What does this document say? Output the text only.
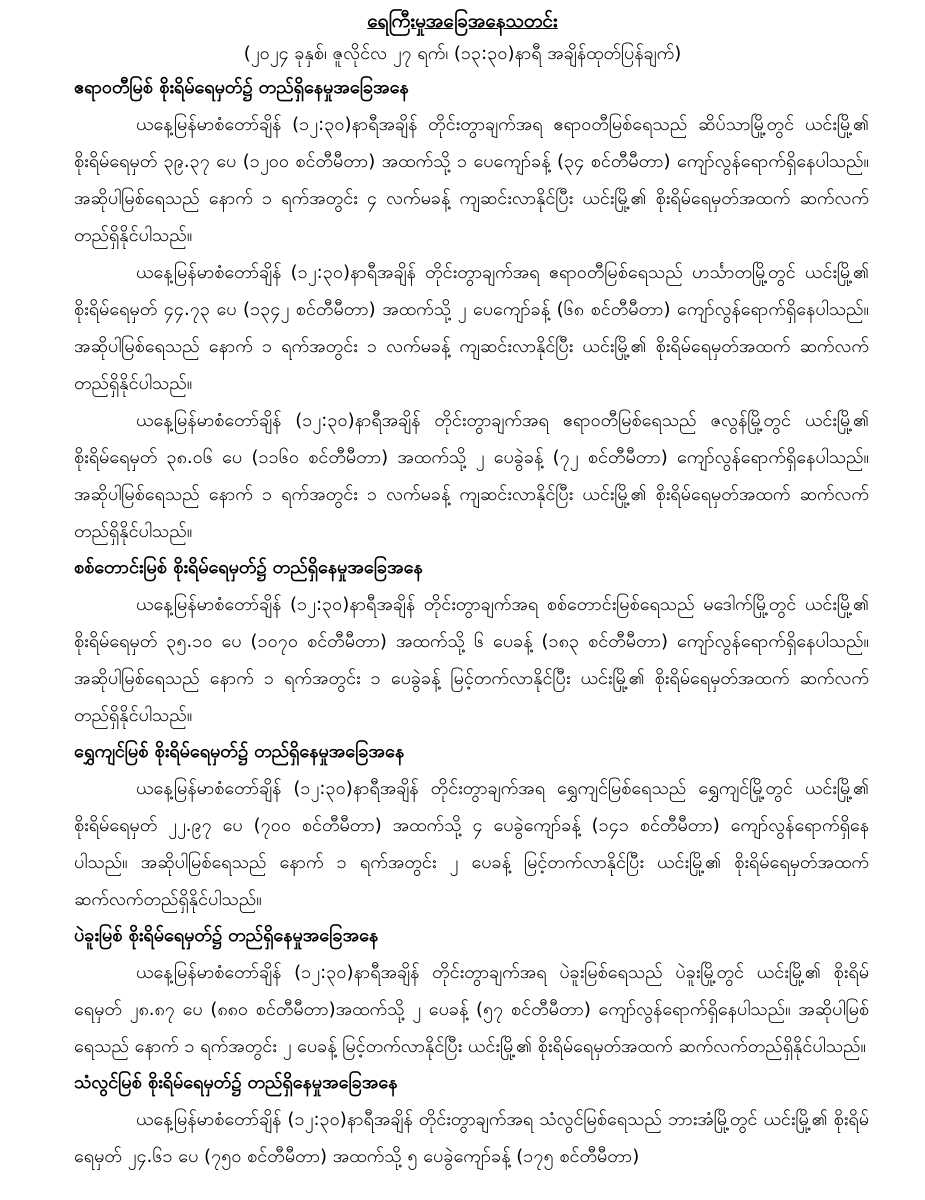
ရေကြီးမှုအခြေအနေသတင်း

(၂၀၂၄ ခုနှစ်၊ ဇူလိုင်လ ၂၇ ရက်၊ (၁၃:၃၀)နာရီ အချိန်ထုတ်ပြန်ချက်)

ဧရာဝတီမြစ် စိုးရိမ်ရေမှတ်၌ တည်ရှိနေမှုအခြေအနေ

ယနေ့မြန်မာစံတော်ချိန် (၁၂:၃၀)နာရီအချိန် တိုင်းတွာချက်အရ ဧရာဝတီမြစ်ရေသည် ဆိပ်သာမြို့တွင် ယင်းမြို့၏ စိုးရိမ်ရေမှတ် ၃၉.၃၇ ပေ (၁၂၀၀ စင်တီမီတာ) အထက်သို့ ၁ ပေကျော်ခန့် (၃၄ စင်တီမီတာ) ကျော်လွန်ရောက်ရှိနေပါသည်။ အဆိုပါမြစ်ရေသည် နောက် ၁ ရက်အတွင်း ၄ လက်မခန့် ကျဆင်းလာနိုင်ပြီး ယင်းမြို့၏ စိုးရိမ်ရေမှတ်အထက် ဆက်လက်တည်ရှိနိုင်ပါသည်။

ယနေ့မြန်မာစံတော်ချိန် (၁၂:၃၀)နာရီအချိန် တိုင်းတွာချက်အရ ဧရာဝတီမြစ်ရေသည် ဟင်္သာတမြို့တွင် ယင်းမြို့၏ စိုးရိမ်ရေမှတ် ၄၄.၇၃ ပေ (၁၃၄၂ စင်တီမီတာ) အထက်သို့ ၂ ပေကျော်ခန့် (၆၈ စင်တီမီတာ) ကျော်လွန်ရောက်ရှိနေပါသည်။ အဆိုပါမြစ်ရေသည် နောက် ၁ ရက်အတွင်း ၁ လက်မခန့် ကျဆင်းလာနိုင်ပြီး ယင်းမြို့၏ စိုးရိမ်ရေမှတ်အထက် ဆက်လက်တည်ရှိနိုင်ပါသည်။

ယနေ့မြန်မာစံတော်ချိန် (၁၂:၃၀)နာရီအချိန် တိုင်းတွာချက်အရ ဧရာဝတီမြစ်ရေသည် ဇလွန်မြို့တွင် ယင်းမြို့၏ စိုးရိမ်ရေမှတ် ၃၈.၀၆ ပေ (၁၁၆၀ စင်တီမီတာ) အထက်သို့ ၂ ပေခွဲခန့် (၇၂ စင်တီမီတာ) ကျော်လွန်ရောက်ရှိနေပါသည်။ အဆိုပါမြစ်ရေသည် နောက် ၁ ရက်အတွင်း ၁ လက်မခန့် ကျဆင်းလာနိုင်ပြီး ယင်းမြို့၏ စိုးရိမ်ရေမှတ်အထက် ဆက်လက်တည်ရှိနိုင်ပါသည်။

စစ်တောင်းမြစ် စိုးရိမ်ရေမှတ်၌ တည်ရှိနေမှုအခြေအနေ

ယနေ့မြန်မာစံတော်ချိန် (၁၂:၃၀)နာရီအချိန် တိုင်းတွာချက်အရ စစ်တောင်းမြစ်ရေသည် မဒေါက်မြို့တွင် ယင်းမြို့၏ စိုးရိမ်ရေမှတ် ၃၅.၁၀ ပေ (၁၀၇၀ စင်တီမီတာ) အထက်သို့ ၆ ပေခန့် (၁၈၃ စင်တီမီတာ) ကျော်လွန်ရောက်ရှိနေပါသည်။ အဆိုပါမြစ်ရေသည် နောက် ၁ ရက်အတွင်း ၁ ပေခွဲခန့် မြင့်တက်လာနိုင်ပြီး ယင်းမြို့၏ စိုးရိမ်ရေမှတ်အထက် ဆက်လက်တည်ရှိနိုင်ပါသည်။

ရွှေကျင်မြစ် စိုးရိမ်ရေမှတ်၌ တည်ရှိနေမှုအခြေအနေ

ယနေ့မြန်မာစံတော်ချိန် (၁၂:၃၀)နာရီအချိန် တိုင်းတွာချက်အရ ရွှေကျင်မြစ်ရေသည် ရွှေကျင်မြို့တွင် ယင်းမြို့၏ စိုးရိမ်ရေမှတ် ၂၂.၉၇ ပေ (၇၀၀ စင်တီမီတာ) အထက်သို့ ၄ ပေခွဲကျော်ခန့် (၁၄၁ စင်တီမီတာ) ကျော်လွန်ရောက်ရှိနေပါသည်။ အဆိုပါမြစ်ရေသည် နောက် ၁ ရက်အတွင်း ၂ ပေခန့် မြင့်တက်လာနိုင်ပြီး ယင်းမြို့၏ စိုးရိမ်ရေမှတ်အထက် ဆက်လက်တည်ရှိနိုင်ပါသည်။

ပဲခူးမြစ် စိုးရိမ်ရေမှတ်၌ တည်ရှိနေမှုအခြေအနေ

ယနေ့မြန်မာစံတော်ချိန် (၁၂:၃၀)နာရီအချိန် တိုင်းတွာချက်အရ ပဲခူးမြစ်ရေသည် ပဲခူးမြို့တွင် ယင်းမြို့၏ စိုးရိမ်ရေမှတ် ၂၈.၈၇ ပေ (၈၈၀ စင်တီမီတာ)အထက်သို့ ၂ ပေခန့် (၅၇ စင်တီမီတာ) ကျော်လွန်ရောက်ရှိနေပါသည်။ အဆိုပါမြစ်ရေသည် နောက် ၁ ရက်အတွင်း ၂ ပေခန့် မြင့်တက်လာနိုင်ပြီး ယင်းမြို့၏ စိုးရိမ်ရေမှတ်အထက် ဆက်လက်တည်ရှိနိုင်ပါသည်။

သံလွင်မြစ် စိုးရိမ်ရေမှတ်၌ တည်ရှိနေမှုအခြေအနေ

ယနေ့မြန်မာစံတော်ချိန် (၁၂:၃၀)နာရီအချိန် တိုင်းတွာချက်အရ သံလွင်မြစ်ရေသည် ဘားအံမြို့တွင် ယင်းမြို့၏ စိုးရိမ်ရေမှတ် ၂၄.၆၁ ပေ (၇၅၀ စင်တီမီတာ) အထက်သို့ ၅ ပေခွဲကျော်ခန့် (၁၇၅ စင်တီမီတာ)
